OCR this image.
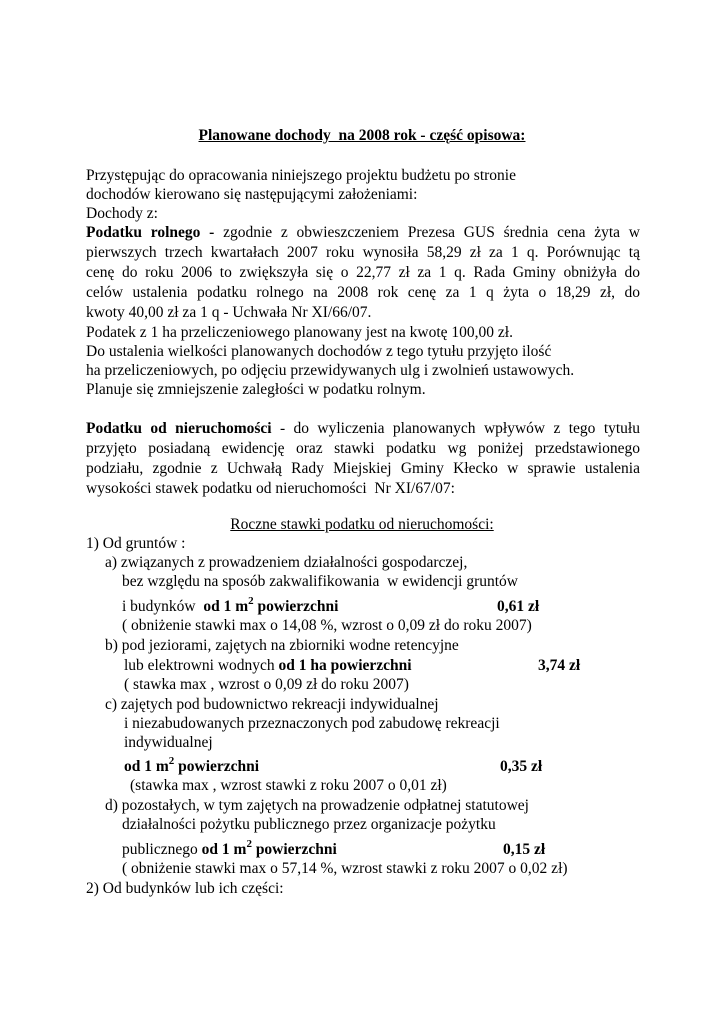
Planowane dochody  na 2008 rok - część opisowa:
Przystępując do opracowania niniejszego projektu budżetu po stronie
dochodów kierowano się następującymi założeniami:
Dochody z:
Podatku rolnego - zgodnie z obwieszczeniem Prezesa GUS średnia cena żyta w
pierwszych trzech kwartałach 2007 roku wynosiła 58,29 zł za 1 q. Porównując tą
cenę do roku 2006 to zwiększyła się o 22,77 zł za 1 q. Rada Gminy obniżyła do
celów ustalenia podatku rolnego na 2008 rok cenę za 1 q żyta o 18,29 zł, do
kwoty 40,00 zł za 1 q - Uchwała Nr XI/66/07.
Podatek z 1 ha przeliczeniowego planowany jest na kwotę 100,00 zł.
Do ustalenia wielkości planowanych dochodów z tego tytułu przyjęto ilość
ha przeliczeniowych, po odjęciu przewidywanych ulg i zwolnień ustawowych.
Planuje się zmniejszenie zaległości w podatku rolnym.
Podatku od nieruchomości - do wyliczenia planowanych wpływów z tego tytułu
przyjęto posiadaną ewidencję oraz stawki podatku wg poniżej przedstawionego
podziału, zgodnie z Uchwałą Rady Miejskiej Gminy Kłecko w sprawie ustalenia
wysokości stawek podatku od nieruchomości  Nr XI/67/07:
Roczne stawki podatku od nieruchomości:
1) Od gruntów :
a) związanych z prowadzeniem działalności gospodarczej,
bez względu na sposób zakwalifikowania  w ewidencji gruntów
i budynków  od 1 $m^2$ powierzchni	0,61 zł
( obniżenie stawki max o 14,08 %, wzrost o 0,09 zł do roku 2007)
b) pod jeziorami, zajętych na zbiorniki wodne retencyjne
lub elektrowni wodnych od 1 ha powierzchni	3,74 zł
( stawka max , wzrost o 0,09 zł do roku 2007)
c) zajętych pod budownictwo rekreacji indywidualnej
i niezabudowanych przeznaczonych pod zabudowę rekreacji
indywidualnej
od 1 $m^2$ powierzchni	0,35 zł
(stawka max , wzrost stawki z roku 2007 o 0,01 zł)
d) pozostałych, w tym zajętych na prowadzenie odpłatnej statutowej
działalności pożytku publicznego przez organizacje pożytku
publicznego od 1 $m^2$ powierzchni	0,15 zł
( obniżenie stawki max o 57,14 %, wzrost stawki z roku 2007 o 0,02 zł)
2) Od budynków lub ich części:
